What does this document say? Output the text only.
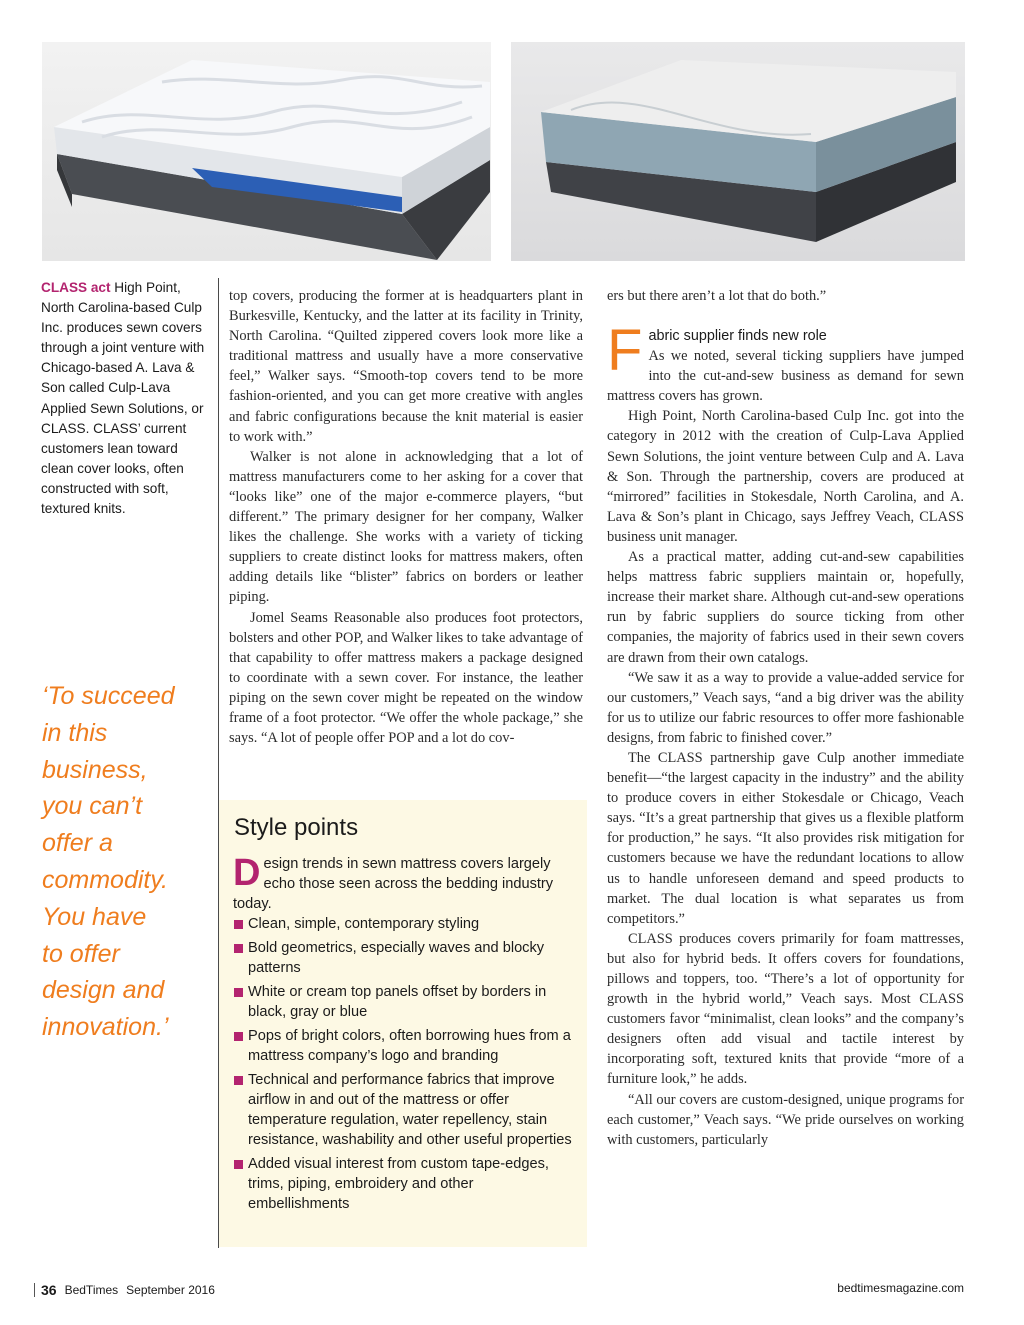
CLASS act High Point, North Carolina-based Culp Inc. produces sewn covers through a joint venture with Chicago-based A. Lava & Son called Culp-Lava Applied Sewn Solutions, or CLASS. CLASS’ current customers lean toward clean cover looks, often constructed with soft, textured knits.
‘To succeed
in this
business,
you can’t
offer a
commodity.
You have
to offer
design and
innovation.’

top covers, producing the former at is headquarters plant in Burkesville, Kentucky, and the latter at its facility in Trinity, North Carolina. “Quilted zippered covers look more like a traditional mattress and usually have a more conservative feel,” Walker says. “Smooth-top covers tend to be more fashion-oriented, and you can get more creative with angles and fabric configurations because the knit material is easier to work with.”

Walker is not alone in acknowledging that a lot of mattress manufacturers come to her asking for a cover that “looks like” one of the major e-commerce players, “but different.” The primary designer for her company, Walker likes the challenge. She works with a variety of ticking suppliers to create distinct looks for mattress makers, often adding details like “blister” fabrics on borders or leather piping.

Jomel Seams Reasonable also produces foot protectors, bolsters and other POP, and Walker likes to take advantage of that capability to offer mattress makers a package designed to coordinate with a sewn cover. For instance, the leather piping on the sewn cover might be repeated on the window frame of a foot protector. “We offer the whole package,” she says. “A lot of people offer POP and a lot do cov-

Style points
Design trends in sewn mattress covers largely echo those seen across the bedding industry today.
Clean, simple, contemporary styling
Bold geometrics, especially waves and blocky patterns
White or cream top panels offset by borders in black, gray or blue
Pops of bright colors, often borrowing hues from a mattress company’s logo and branding
Technical and performance fabrics that improve airflow in and out of the mattress or offer temperature regulation, water repellency, stain resistance, washability and other useful properties
Added visual interest from custom tape-edges, trims, piping, embroidery and other embellishments

ers but there aren’t a lot that do both.”

Fabric supplier finds new role

As we noted, several ticking suppliers have jumped into the cut-and-sew business as demand for sewn mattress covers has grown.

High Point, North Carolina-based Culp Inc. got into the category in 2012 with the creation of Culp-Lava Applied Sewn Solutions, the joint venture between Culp and A. Lava & Son. Through the partnership, covers are produced at “mirrored” facilities in Stokesdale, North Carolina, and A. Lava & Son’s plant in Chicago, says Jeffrey Veach, CLASS business unit manager.

As a practical matter, adding cut-and-sew capabilities helps mattress fabric suppliers maintain or, hopefully, increase their market share. Although cut-and-sew operations run by fabric suppliers do source ticking from other companies, the majority of fabrics used in their sewn covers are drawn from their own catalogs.

“We saw it as a way to provide a value-added service for our customers,” Veach says, “and a big driver was the ability for us to utilize our fabric resources to offer more fashionable designs, from fabric to finished cover.”

The CLASS partnership gave Culp another immediate benefit—“the largest capacity in the industry” and the ability to produce covers in either Stokesdale or Chicago, Veach says. “It’s a great partnership that gives us a flexible platform for production,” he says. “It also provides risk mitigation for customers because we have the redundant locations to allow us to handle unforeseen demand and speed products to market. The dual location is what separates us from competitors.”

CLASS produces covers primarily for foam mattresses, but also for hybrid beds. It offers covers for foundations, pillows and toppers, too. “There’s a lot of opportunity for growth in the hybrid world,” Veach says. Most CLASS customers favor “minimalist, clean looks” and the company’s designers often add visual and tactile interest by incorporating soft, textured knits that provide “more of a furniture look,” he adds.

“All our covers are custom-designed, unique programs for each customer,” Veach says. “We pride ourselves on working with customers, particularly

36 BedTimes September 2016	bedtimesmagazine.com
